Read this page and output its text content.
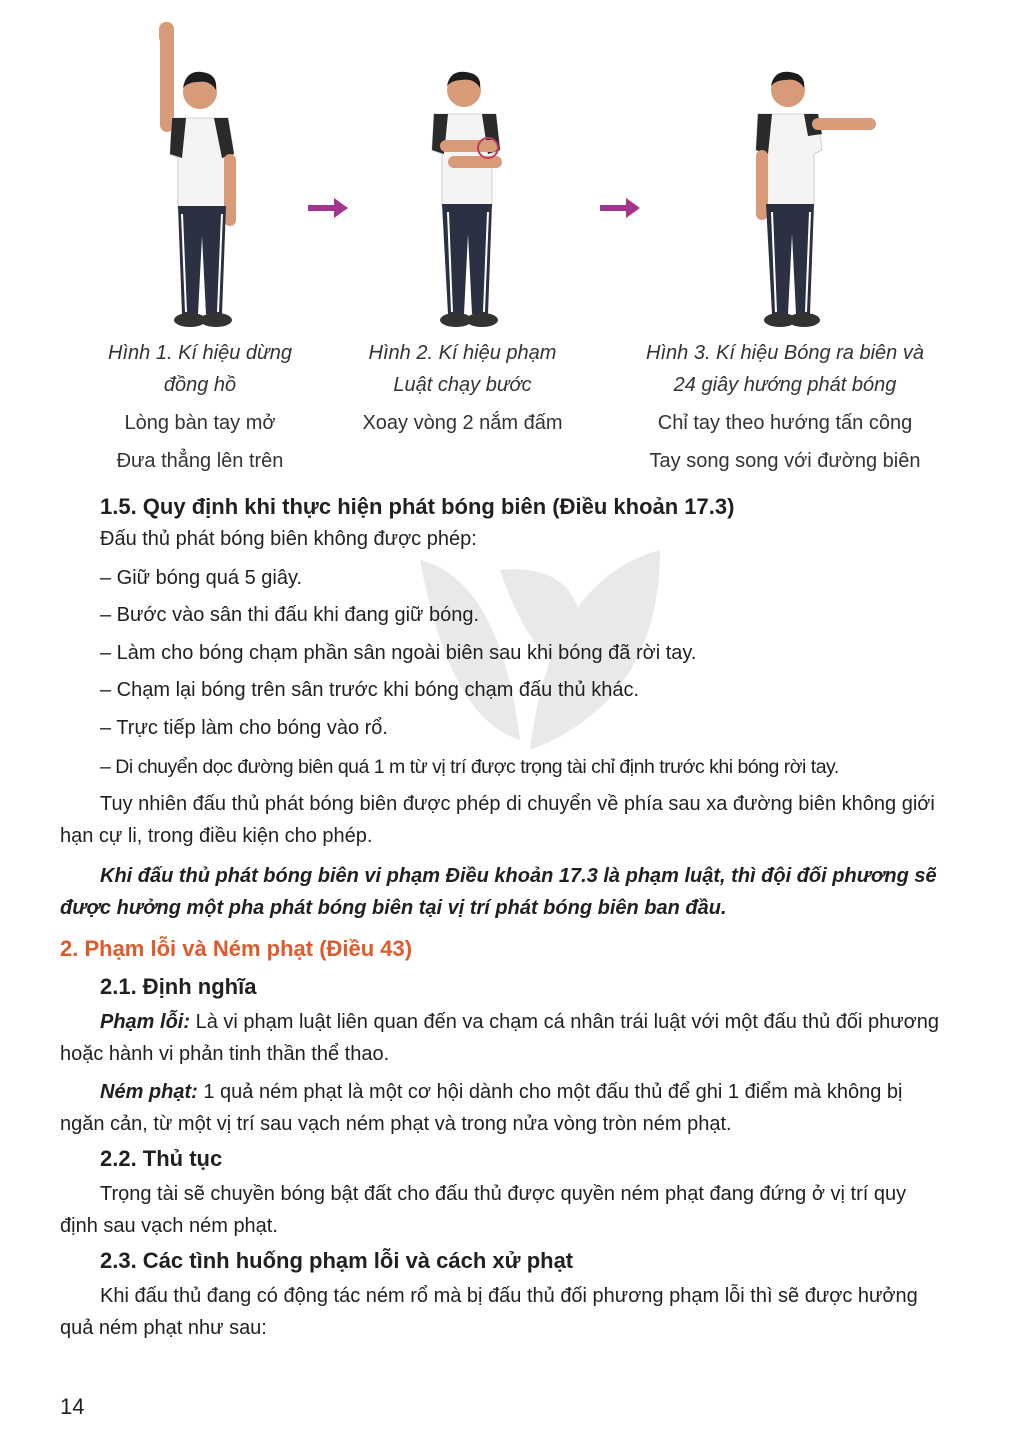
Hình 1. Kí hiệu dừng
đồng hồ
Lòng bàn tay mở
Đưa thẳng lên trên
Hình 2. Kí hiệu phạm
Luật chạy bước
Xoay vòng 2 nắm đấm
Hình 3. Kí hiệu Bóng ra biên và
24 giây hướng phát bóng
Chỉ tay theo hướng tấn công
Tay song song với đường biên
1.5. Quy định khi thực hiện phát bóng biên (Điều khoản 17.3)
Đấu thủ phát bóng biên không được phép:
– Giữ bóng quá 5 giây.
– Bước vào sân thi đấu khi đang giữ bóng.
– Làm cho bóng chạm phần sân ngoài biên sau khi bóng đã rời tay.
– Chạm lại bóng trên sân trước khi bóng chạm đấu thủ khác.
– Trực tiếp làm cho bóng vào rổ.
– Di chuyển dọc đường biên quá 1 m từ vị trí được trọng tài chỉ định trước khi bóng rời tay.
Tuy nhiên đấu thủ phát bóng biên được phép di chuyển về phía sau xa đường biên không giới hạn cự li, trong điều kiện cho phép.
Khi đấu thủ phát bóng biên vi phạm Điều khoản 17.3 là phạm luật, thì đội đối phương sẽ được hưởng một pha phát bóng biên tại vị trí phát bóng biên ban đầu.
2. Phạm lỗi và Ném phạt (Điều 43)
2.1. Định nghĩa
Phạm lỗi: Là vi phạm luật liên quan đến va chạm cá nhân trái luật với một đấu thủ đối phương hoặc hành vi phản tinh thần thể thao.
Ném phạt: 1 quả ném phạt là một cơ hội dành cho một đấu thủ để ghi 1 điểm mà không bị ngăn cản, từ một vị trí sau vạch ném phạt và trong nửa vòng tròn ném phạt.
2.2. Thủ tục
Trọng tài sẽ chuyền bóng bật đất cho đấu thủ được quyền ném phạt đang đứng ở vị trí quy định sau vạch ném phạt.
2.3. Các tình huống phạm lỗi và cách xử phạt
Khi đấu thủ đang có động tác ném rổ mà bị đấu thủ đối phương phạm lỗi thì sẽ được hưởng quả ném phạt như sau:
14
